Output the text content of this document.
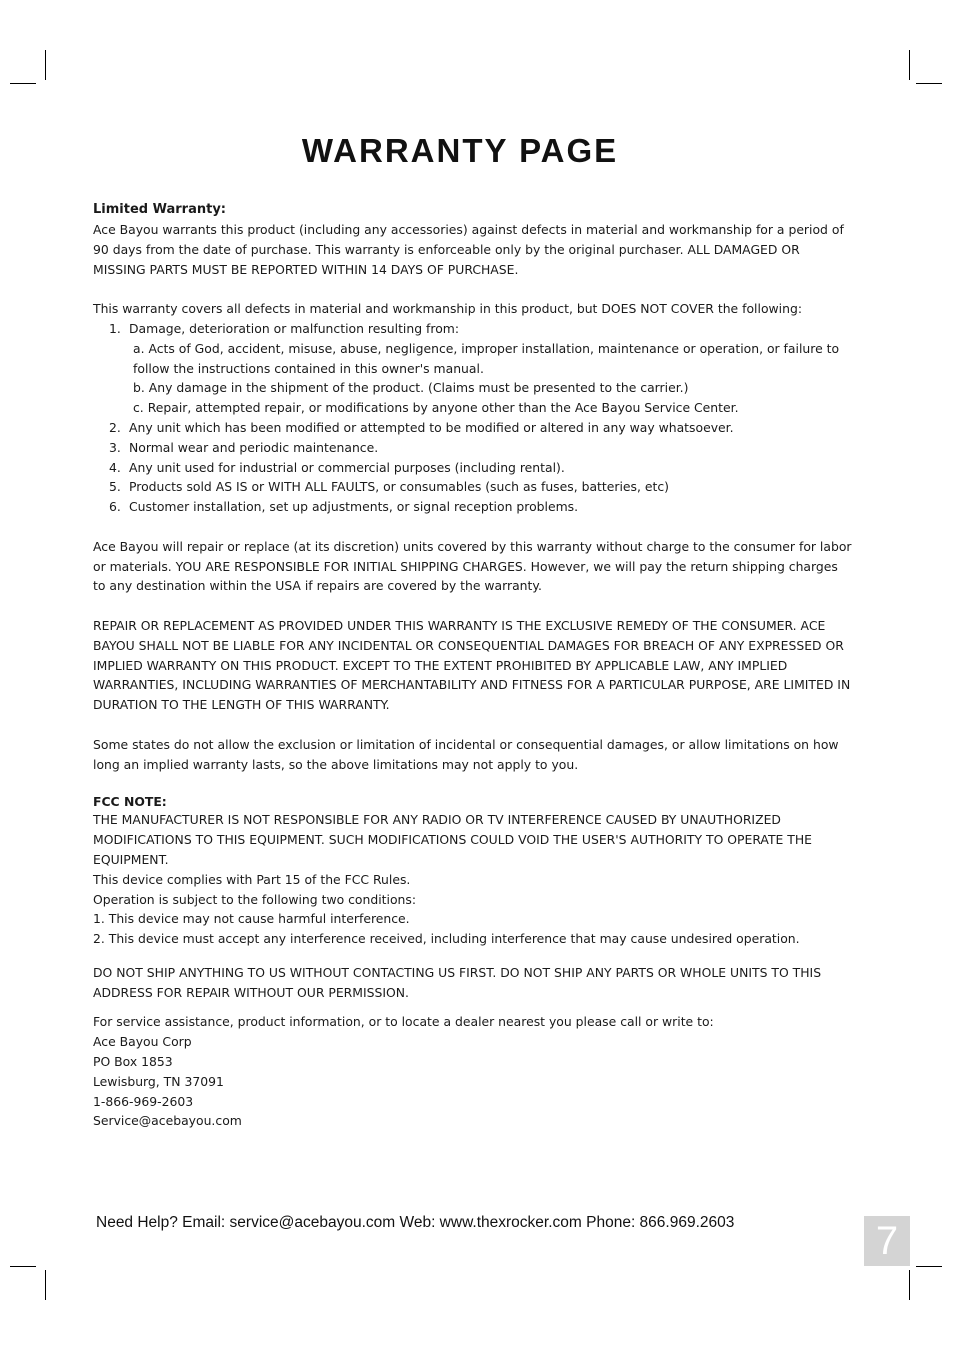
WARRANTY PAGE

Limited Warranty:

Ace Bayou warrants this product (including any accessories) against defects in material and workmanship for a period of 90 days from the date of purchase. This warranty is enforceable only by the original purchaser. ALL DAMAGED OR MISSING PARTS MUST BE REPORTED WITHIN 14 DAYS OF PURCHASE.

This warranty covers all defects in material and workmanship in this product, but DOES NOT COVER the following:

1. Damage, deterioration or malfunction resulting from:
a. Acts of God, accident, misuse, abuse, negligence, improper installation, maintenance or operation, or failure to follow the instructions contained in this owner's manual.
b. Any damage in the shipment of the product. (Claims must be presented to the carrier.)
c. Repair, attempted repair, or modifications by anyone other than the Ace Bayou Service Center.
2. Any unit which has been modified or attempted to be modified or altered in any way whatsoever.
3. Normal wear and periodic maintenance.
4. Any unit used for industrial or commercial purposes (including rental).
5. Products sold AS IS or WITH ALL FAULTS, or consumables (such as fuses, batteries, etc)
6. Customer installation, set up adjustments, or signal reception problems.

Ace Bayou will repair or replace (at its discretion) units covered by this warranty without charge to the consumer for labor or materials. YOU ARE RESPONSIBLE FOR INITIAL SHIPPING CHARGES. However, we will pay the return shipping charges to any destination within the USA if repairs are covered by the warranty.

REPAIR OR REPLACEMENT AS PROVIDED UNDER THIS WARRANTY IS THE EXCLUSIVE REMEDY OF THE CONSUMER. ACE BAYOU SHALL NOT BE LIABLE FOR ANY INCIDENTAL OR CONSEQUENTIAL DAMAGES FOR BREACH OF ANY EXPRESSED OR IMPLIED WARRANTY ON THIS PRODUCT. EXCEPT TO THE EXTENT PROHIBITED BY APPLICABLE LAW, ANY IMPLIED WARRANTIES, INCLUDING WARRANTIES OF MERCHANTABILITY AND FITNESS FOR A PARTICULAR PURPOSE, ARE LIMITED IN DURATION TO THE LENGTH OF THIS WARRANTY.

Some states do not allow the exclusion or limitation of incidental or consequential damages, or allow limitations on how long an implied warranty lasts, so the above limitations may not apply to you.

FCC NOTE:

THE MANUFACTURER IS NOT RESPONSIBLE FOR ANY RADIO OR TV INTERFERENCE CAUSED BY UNAUTHORIZED MODIFICATIONS TO THIS EQUIPMENT. SUCH MODIFICATIONS COULD VOID THE USER'S AUTHORITY TO OPERATE THE EQUIPMENT.

This device complies with Part 15 of the FCC Rules.

Operation is subject to the following two conditions:

1. This device may not cause harmful interference.

2. This device must accept any interference received, including interference that may cause undesired operation.

DO NOT SHIP ANYTHING TO US WITHOUT CONTACTING US FIRST. DO NOT SHIP ANY PARTS OR WHOLE UNITS TO THIS ADDRESS FOR REPAIR WITHOUT OUR PERMISSION.

For service assistance, product information, or to locate a dealer nearest you please call or write to:

Ace Bayou Corp

PO Box 1853

Lewisburg, TN 37091

1-866-969-2603

Service@acebayou.com

Need Help? Email: service@acebayou.com Web: www.thexrocker.com Phone: 866.969.2603	7
